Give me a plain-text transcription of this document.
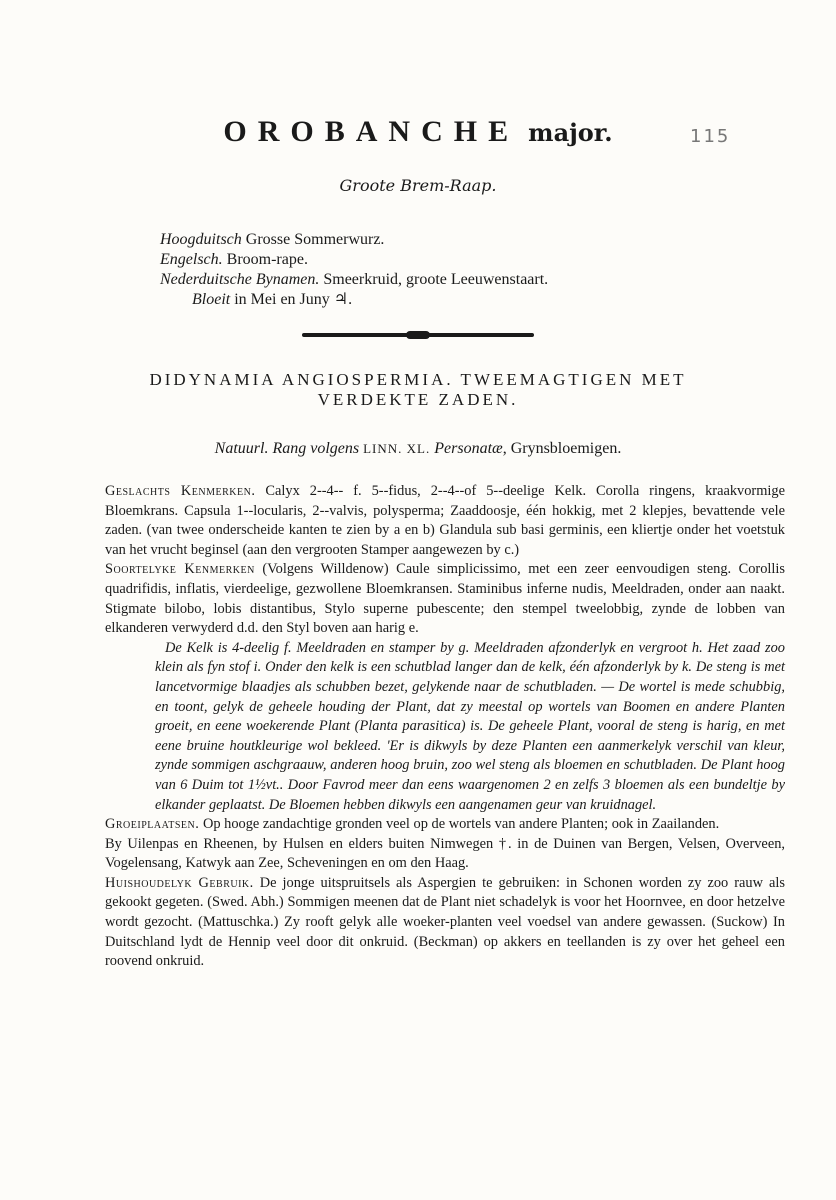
OROBANCHE major.	115
Groote Brem-Raap.
Hoogduitsch Grosse Sommerwurz.
Engelsch. Broom-rape.
Nederduitsche Bynamen. Smeerkruid, groote Leeuwenstaart.
Bloeit in Mei en Juny ♃.
DIDYNAMIA ANGIOSPERMIA. TWEEMAGTIGEN MET
VERDEKTE ZADEN.
Natuurl. Rang volgens LINN. XL. Personatæ, Grynsbloemigen.

Geslachts Kenmerken. Calyx 2--4-- f. 5--fidus, 2--4--of 5--deelige Kelk. Corolla ringens, kraakvormige Bloemkrans. Capsula 1--locularis, 2--valvis, polysperma; Zaaddoosje, één hokkig, met 2 klepjes, bevattende vele zaden. (van twee onderscheide kanten te zien by a en b) Glandula sub basi germinis, een kliertje onder het voetstuk van het vrucht beginsel (aan den vergrooten Stamper aangewezen by c.)

Soortelyke Kenmerken (Volgens Willdenow) Caule simplicissimo, met een zeer eenvoudigen steng. Corollis quadrifidis, inflatis, vierdeelige, gezwollene Bloemkransen. Staminibus inferne nudis, Meeldraden, onder aan naakt. Stigmate bilobo, lobis distantibus, Stylo superne pubescente; den stempel tweelobbig, zynde de lobben van elkanderen verwyderd d.d. den Styl boven aan harig e.

De Kelk is 4-deelig f. Meeldraden en stamper by g. Meeldraden afzonderlyk en vergroot h. Het zaad zoo klein als fyn stof i. Onder den kelk is een schutblad langer dan de kelk, één afzonderlyk by k. De steng is met lancetvormige blaadjes als schubben bezet, gelykende naar de schutbladen. — De wortel is mede schubbig, en toont, gelyk de geheele houding der Plant, dat zy meestal op wortels van Boomen en andere Planten groeit, en eene woekerende Plant (Planta parasitica) is. De geheele Plant, vooral de steng is harig, en met eene bruine houtkleurige wol bekleed. 'Er is dikwyls by deze Planten een aanmerkelyk verschil van kleur, zynde sommigen aschgraauw, anderen hoog bruin, zoo wel steng als bloemen en schutbladen. De Plant hoog van 6 Duim tot 1½vt.. Door Favrod meer dan eens waargenomen 2 en zelfs 3 bloemen als een bundeltje by elkander geplaatst. De Bloemen hebben dikwyls een aangenamen geur van kruidnagel.

Groeiplaatsen. Op hooge zandachtige gronden veel op de wortels van andere Planten; ook in Zaailanden.

By Uilenpas en Rheenen, by Hulsen en elders buiten Nimwegen †. in de Duinen van Bergen, Velsen, Overveen, Vogelensang, Katwyk aan Zee, Scheveningen en om den Haag.

Huishoudelyk Gebruik. De jonge uitspruitsels als Aspergien te gebruiken: in Schonen worden zy zoo rauw als gekookt gegeten. (Swed. Abh.) Sommigen meenen dat de Plant niet schadelyk is voor het Hoornvee, en door hetzelve wordt gezocht. (Mattuschka.) Zy rooft gelyk alle woeker-planten veel voedsel van andere gewassen. (Suckow) In Duitschland lydt de Hennip veel door dit onkruid. (Beckman) op akkers en teellanden is zy over het geheel een roovend onkruid.
